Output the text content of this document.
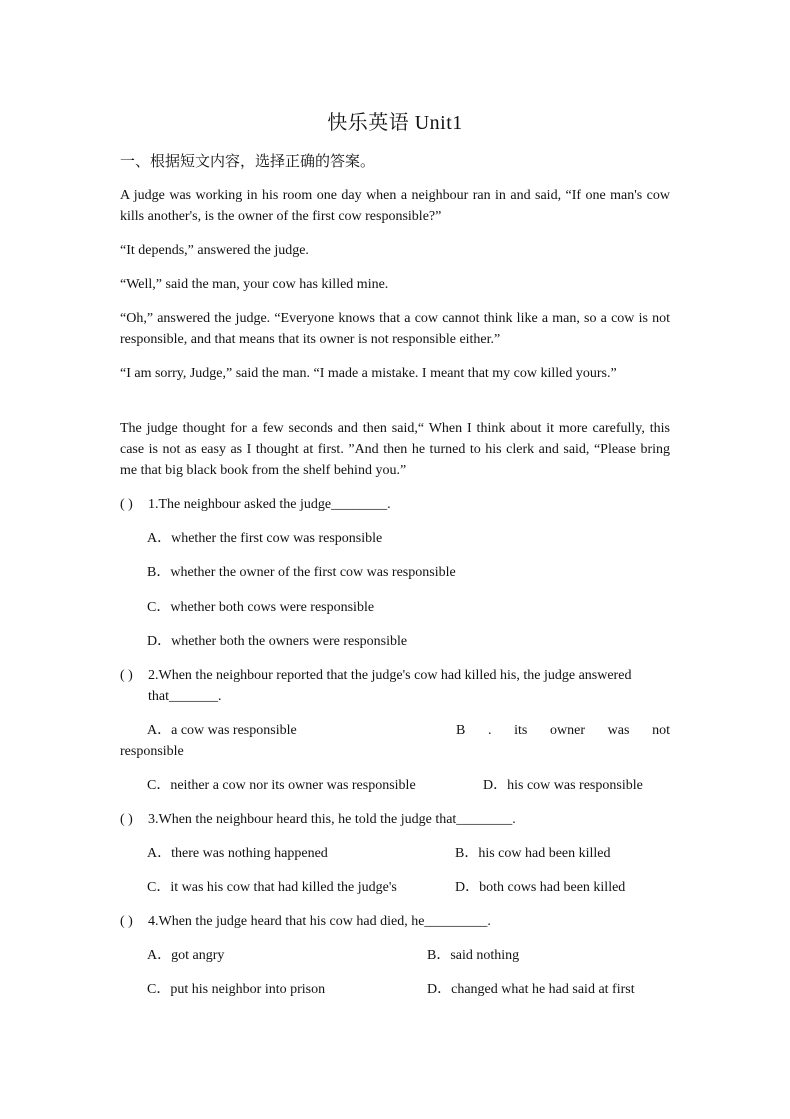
快乐英语 Unit1
一、根据短文内容，选择正确的答案。
A judge was working in his room one day when a neighbour ran in and said, “If one man's cow kills another's, is the owner of the first cow responsible?”
“It depends,” answered the judge.
“Well,” said the man, your cow has killed mine.
“Oh,” answered the judge. “Everyone knows that a cow cannot think like a man, so a cow is not responsible, and that means that its owner is not responsible either.”
“I am sorry, Judge,” said the man. “I made a mistake. I meant that my cow killed yours.”
The judge thought for a few seconds and then said,“ When I think about it more carefully, this case is not as easy as I thought at first. ”And then he turned to his clerk and said, “Please bring me that big black book from the shelf behind you.”
( ) 1.The neighbour asked the judge________.
A．whether the first cow was responsible
B．whether the owner of the first cow was responsible
C．whether both cows were responsible
D．whether both the owners were responsible
( ) 2.When the neighbour reported that the judge's cow had killed his, the judge answered that_______.
A．a cow was responsible	B . its owner was not
responsible
C．neither a cow nor its owner was responsible	D．his cow was responsible
( ) 3.When the neighbour heard this, he told the judge that________.
A．there was nothing happened	B．his cow had been killed
C．it was his cow that had killed the judge's	D．both cows had been killed
( ) 4.When the judge heard that his cow had died, he_________.
A．got angry	B．said nothing
C．put his neighbor into prison	D．changed what he had said at first
